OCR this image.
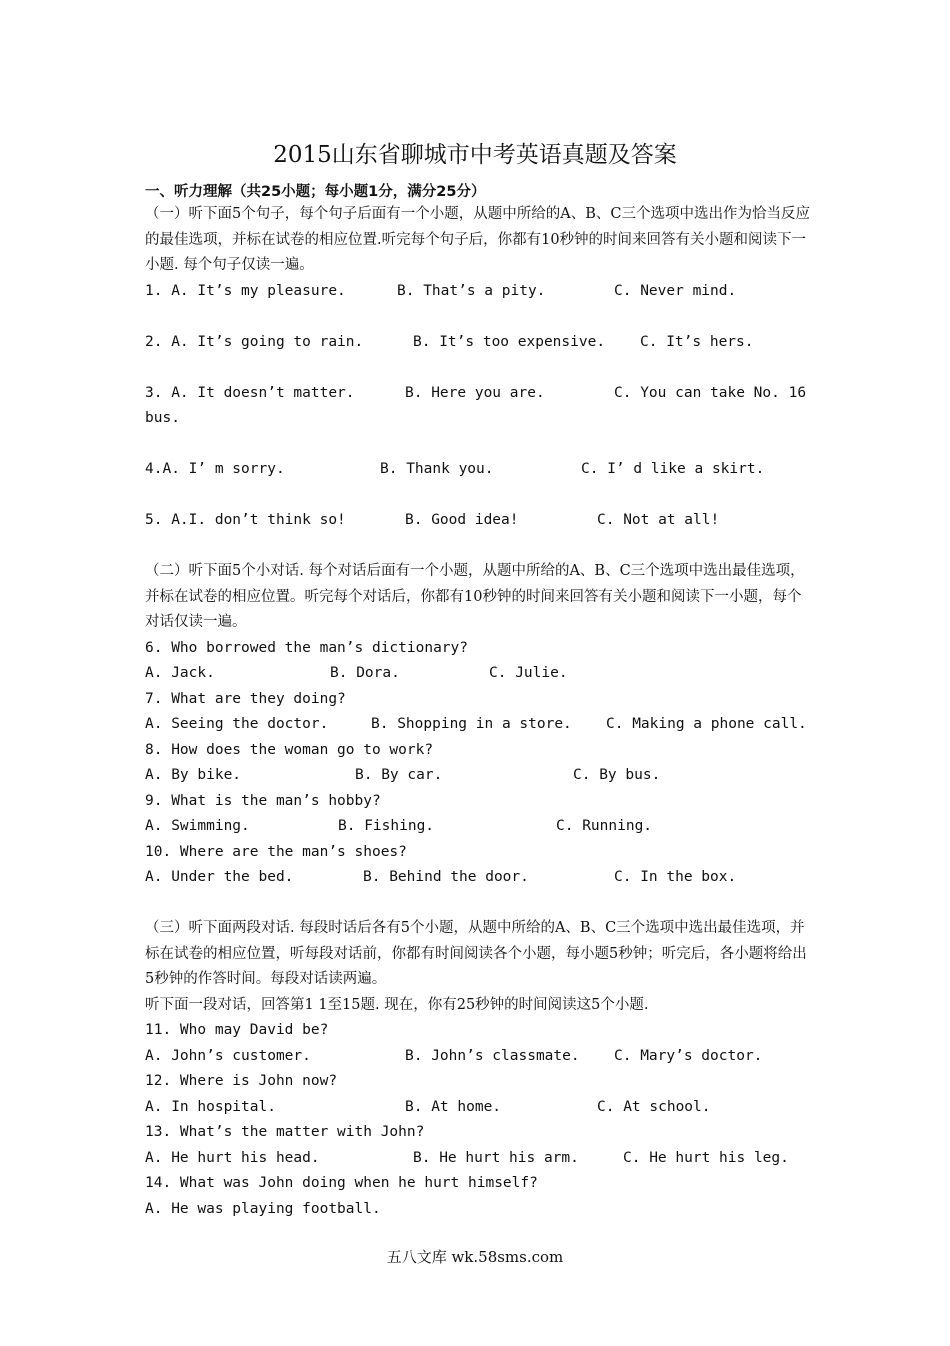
2015山东省聊城市中考英语真题及答案
一、听力理解（共25小题；每小题1分，满分25分）
（一）听下面5个句子，每个句子后面有一个小题，从题中所给的A、B、C三个选项中选出作为恰当反应的最佳选项，并标在试卷的相应位置.听完每个句子后，你都有10秒钟的时间来回答有关小题和阅读下一小题. 每个句子仅读一遍。
1. A. It’s my pleasure.	B. That’s a pity.	C. Never mind.
2. A. It’s going to rain.	B. It’s too expensive. C. It’s hers.
3. A. It doesn’t matter.	B. Here you are.	C. You can take No. 16
bus.
4.A. I’ m sorry.	B. Thank you.	C. I’ d like a skirt.
5. A.I. don’t think so!	B. Good idea!	C. Not at all!
（二）听下面5个小对话. 每个对话后面有一个小题，从题中所给的A、B、C三个选项中选出最佳选项，并标在试卷的相应位置。听完每个对话后，你都有10秒钟的时间来回答有关小题和阅读下一小题，每个对话仅读一遍。
6. Who borrowed the man’s dictionary?
A. Jack.	B. Dora.	C. Julie.
7. What are they doing?
A. Seeing the doctor.	B. Shopping in a store. C. Making a phone call.
8. How does the woman go to work?
A. By bike.	B. By car.	C. By bus.
9. What is the man’s hobby?
A. Swimming.	B. Fishing.	C. Running.
10. Where are the man’s shoes?
A. Under the bed.	B. Behind the door.	C. In the box.
（三）听下面两段对话. 每段时话后各有5个小题，从题中所给的A、B、C三个选项中选出最佳选项，并标在试卷的相应位置，听每段对话前，你都有时间阅读各个小题，每小题5秒钟；听完后，各小题将给出5秒钟的作答时间。每段对话读两遍。
听下面一段对话，回答第1 1至15题. 现在，你有25秒钟的时间阅读这5个小题.
11. Who may David be?
A. John’s customer.	B. John’s classmate. C. Mary’s doctor.
12. Where is John now?
A. In hospital.	B. At home.	C. At school.
13. What’s the matter with John?
A. He hurt his head.	B. He hurt his arm.	C. He hurt his leg.
14. What was John doing when he hurt himself?
A. He was playing football.
五八文库 wk.58sms.com
